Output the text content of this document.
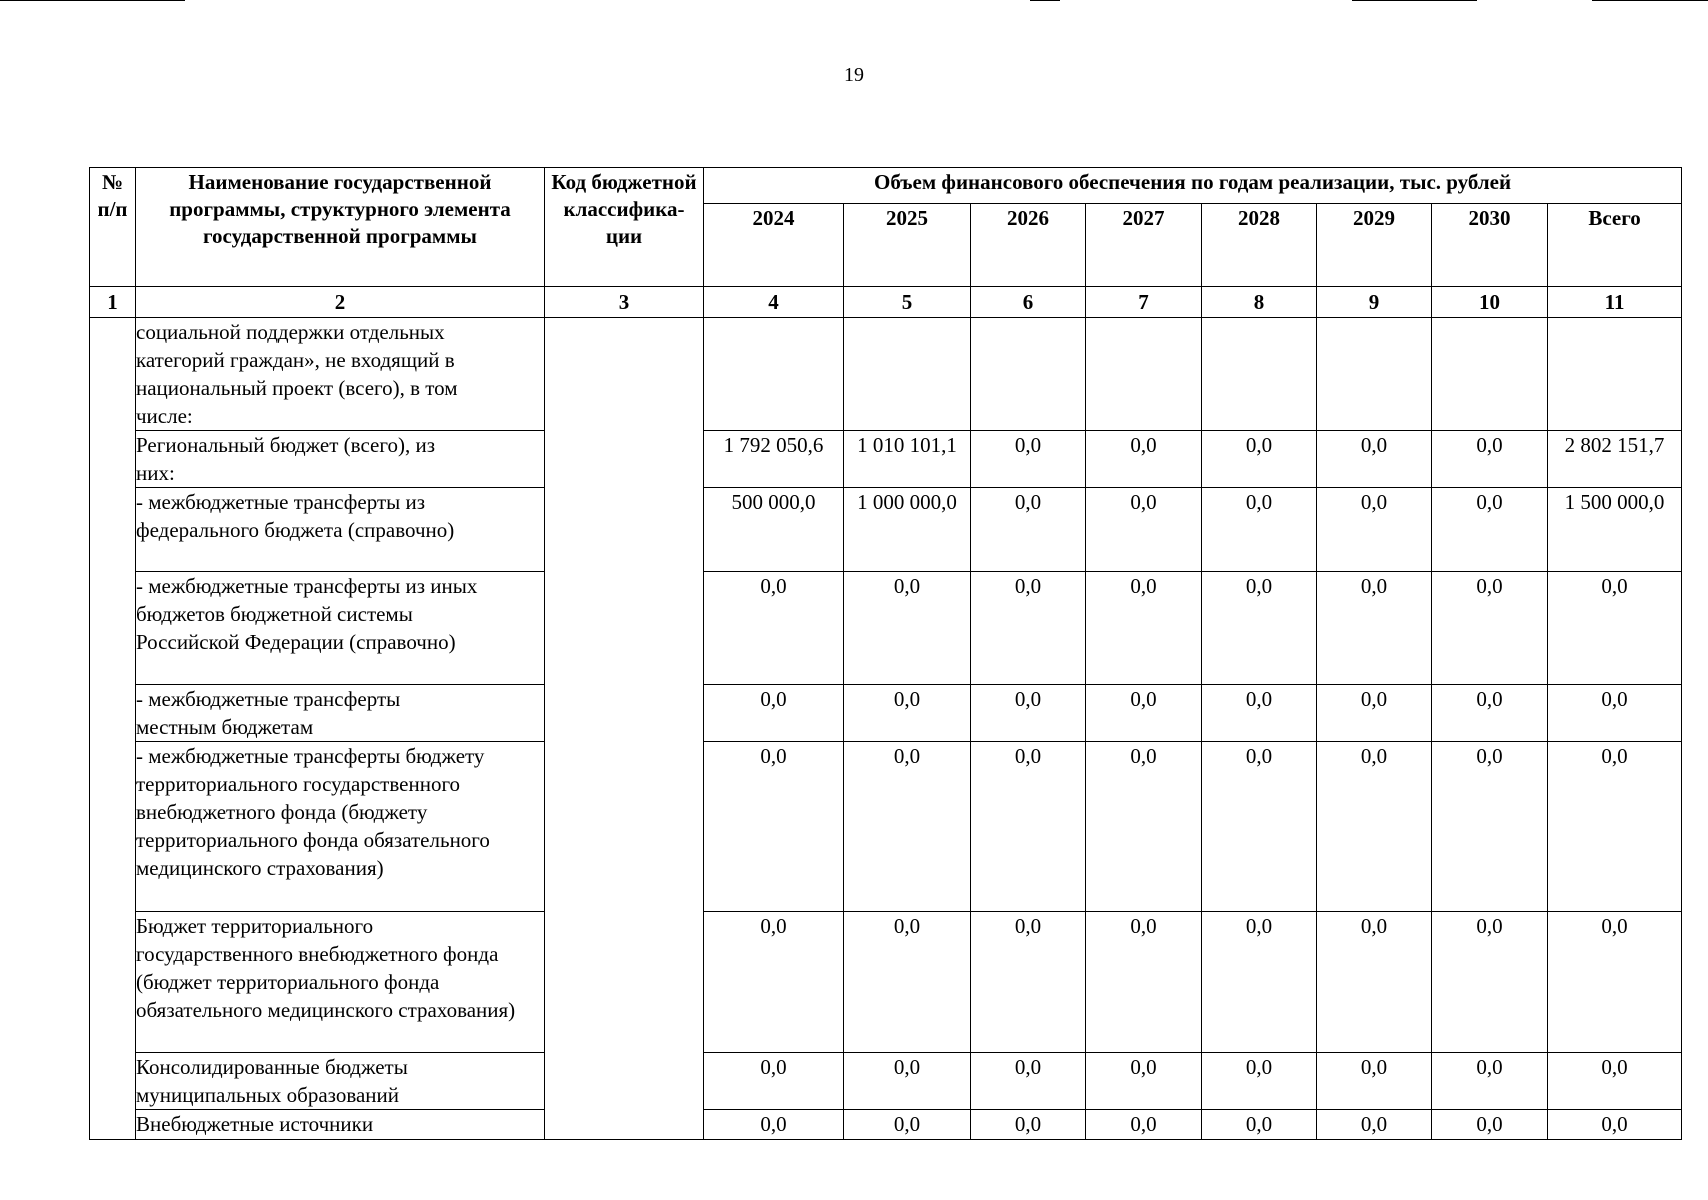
19
№ п/п	Наименование государственной программы, структурного элемента государственной программы	Код бюджетной классифика-ции	Объем финансового обеспечения по годам реализации, тыс. рублей							
			2024	2025	2026	2027	2028	2029	2030	Всего
1	2	3	4	5	6	7	8	9	10	11
	социальной поддержки отдельных категорий граждан», не входящий в национальный проект (всего), в том числе:									
	Региональный бюджет (всего), из них:		1 792 050,6	1 010 101,1	0,0	0,0	0,0	0,0	0,0	2 802 151,7
	- межбюджетные трансферты из федерального бюджета (справочно)		500 000,0	1 000 000,0	0,0	0,0	0,0	0,0	0,0	1 500 000,0
	- межбюджетные трансферты из иных бюджетов бюджетной системы Российской Федерации (справочно)		0,0	0,0	0,0	0,0	0,0	0,0	0,0	0,0
	- межбюджетные трансферты местным бюджетам		0,0	0,0	0,0	0,0	0,0	0,0	0,0	0,0
	- межбюджетные трансферты бюджету территориального государственного внебюджетного фонда (бюджету территориального фонда обязательного медицинского страхования)		0,0	0,0	0,0	0,0	0,0	0,0	0,0	0,0
	Бюджет территориального государственного внебюджетного фонда (бюджет территориального фонда обязательного медицинского страхования)		0,0	0,0	0,0	0,0	0,0	0,0	0,0	0,0
	Консолидированные бюджеты муниципальных образований		0,0	0,0	0,0	0,0	0,0	0,0	0,0	0,0
	Внебюджетные источники		0,0	0,0	0,0	0,0	0,0	0,0	0,0	0,0
